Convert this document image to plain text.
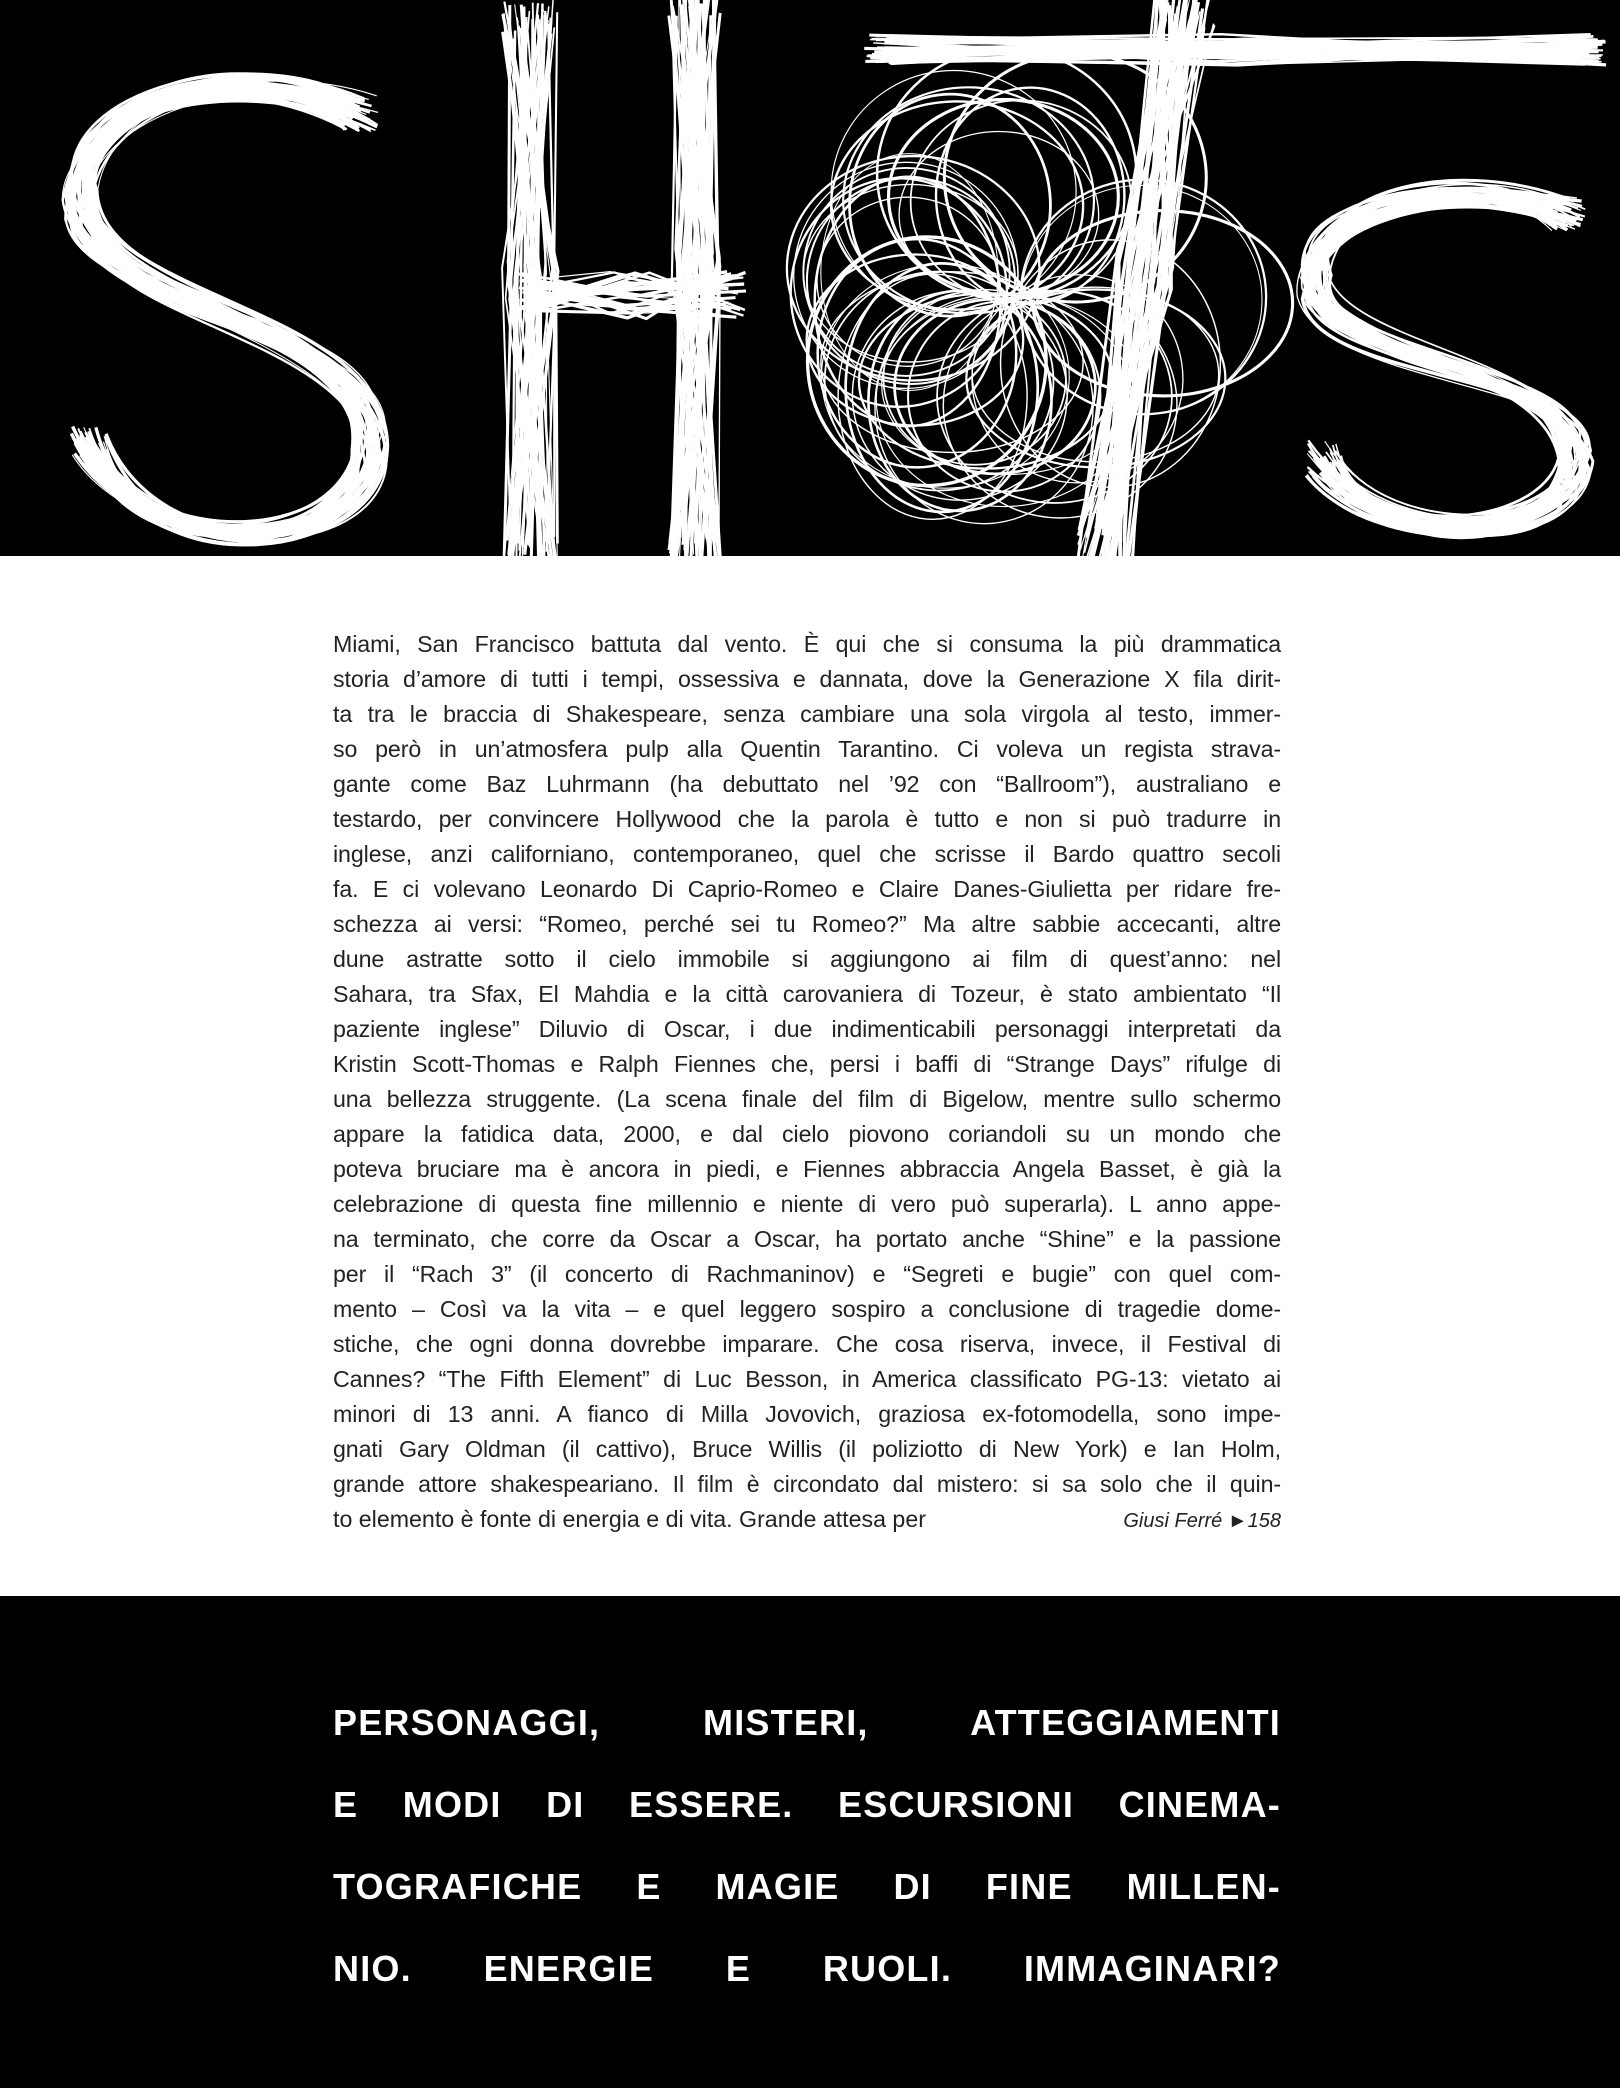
Miami, San Francisco battuta dal vento. È qui che si consuma la più drammatica
storia d’amore di tutti i tempi, ossessiva e dannata, dove la Generazione X fila dirit-
ta tra le braccia di Shakespeare, senza cambiare una sola virgola al testo, immer-
so però in un’atmosfera pulp alla Quentin Tarantino. Ci voleva un regista strava-
gante come Baz Luhrmann (ha debuttato nel ’92 con “Ballroom”), australiano e
testardo, per convincere Hollywood che la parola è tutto e non si può tradurre in
inglese, anzi californiano, contemporaneo, quel che scrisse il Bardo quattro secoli
fa. E ci volevano Leonardo Di Caprio-Romeo e Claire Danes-Giulietta per ridare fre-
schezza ai versi: “Romeo, perché sei tu Romeo?” Ma altre sabbie accecanti, altre
dune astratte sotto il cielo immobile si aggiungono ai film di quest’anno: nel
Sahara, tra Sfax, El Mahdia e la città carovaniera di Tozeur, è stato ambientato “Il
paziente inglese” Diluvio di Oscar, i due indimenticabili personaggi interpretati da
Kristin Scott-Thomas e Ralph Fiennes che, persi i baffi di “Strange Days” rifulge di
una bellezza struggente. (La scena finale del film di Bigelow, mentre sullo schermo
appare la fatidica data, 2000, e dal cielo piovono coriandoli su un mondo che
poteva bruciare ma è ancora in piedi, e Fiennes abbraccia Angela Basset, è già la
celebrazione di questa fine millennio e niente di vero può superarla). L anno appe-
na terminato, che corre da Oscar a Oscar, ha portato anche “Shine” e la passione
per il “Rach 3” (il concerto di Rachmaninov) e “Segreti e bugie” con quel com-
mento – Così va la vita – e quel leggero sospiro a conclusione di tragedie dome-
stiche, che ogni donna dovrebbe imparare. Che cosa riserva, invece, il Festival di
Cannes? “The Fifth Element” di Luc Besson, in America classificato PG-13: vietato ai
minori di 13 anni. A fianco di Milla Jovovich, graziosa ex-fotomodella, sono impe-
gnati Gary Oldman (il cattivo), Bruce Willis (il poliziotto di New York) e Ian Holm,
grande attore shakespeariano. Il film è circondato dal mistero: si sa solo che il quin-
to elemento è fonte di energia e di vita. Grande attesa per	Giusi Ferré ►158
PERSONAGGI, MISTERI, ATTEGGIAMENTI
E MODI DI ESSERE. ESCURSIONI CINEMA-
TOGRAFICHE E MAGIE DI FINE MILLEN-
NIO. ENERGIE E RUOLI. IMMAGINARI?
